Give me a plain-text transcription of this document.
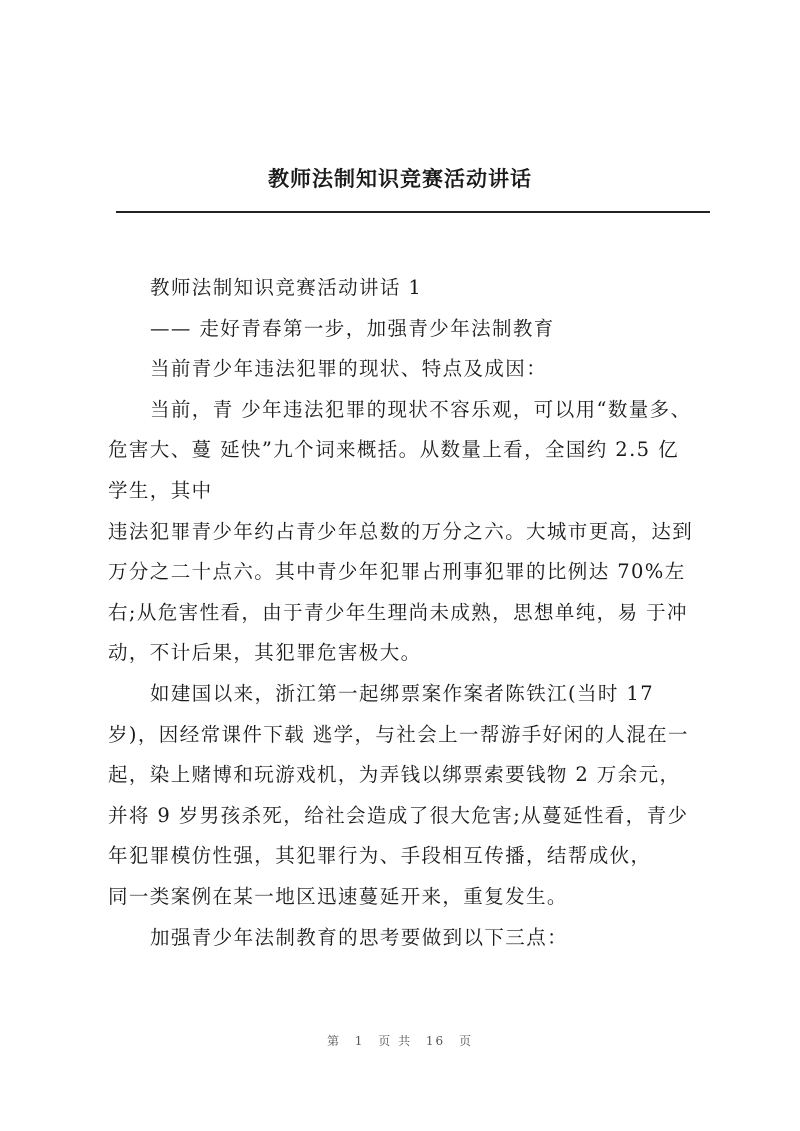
教师法制知识竞赛活动讲话

教师法制知识竞赛活动讲话 1

—— 走好青春第一步，加强青少年法制教育

当前青少年违法犯罪的现状、特点及成因：

当前，青 少年违法犯罪的现状不容乐观，可以用“数量多、危害大、蔓 延快”九个词来概括。从数量上看，全国约 2.5 亿学生，其中

违法犯罪青少年约占青少年总数的万分之六。大城市更高，达到万分之二十点六。其中青少年犯罪占刑事犯罪的比例达 70%左右;从危害性看，由于青少年生理尚未成熟，思想单纯，易 于冲动，不计后果，其犯罪危害极大。

如建国以来，浙江第一起绑票案作案者陈铁江(当时 17 岁)，因经常课件下载 逃学，与社会上一帮游手好闲的人混在一起，染上赌博和玩游戏机，为弄钱以绑票索要钱物 2 万余元，并将 9 岁男孩杀死，给社会造成了很大危害;从蔓延性看，青少年犯罪模仿性强，其犯罪行为、手段相互传播，结帮成伙，

同一类案例在某一地区迅速蔓延开来，重复发生。

加强青少年法制教育的思考要做到以下三点：

第 1 页 共 16 页
